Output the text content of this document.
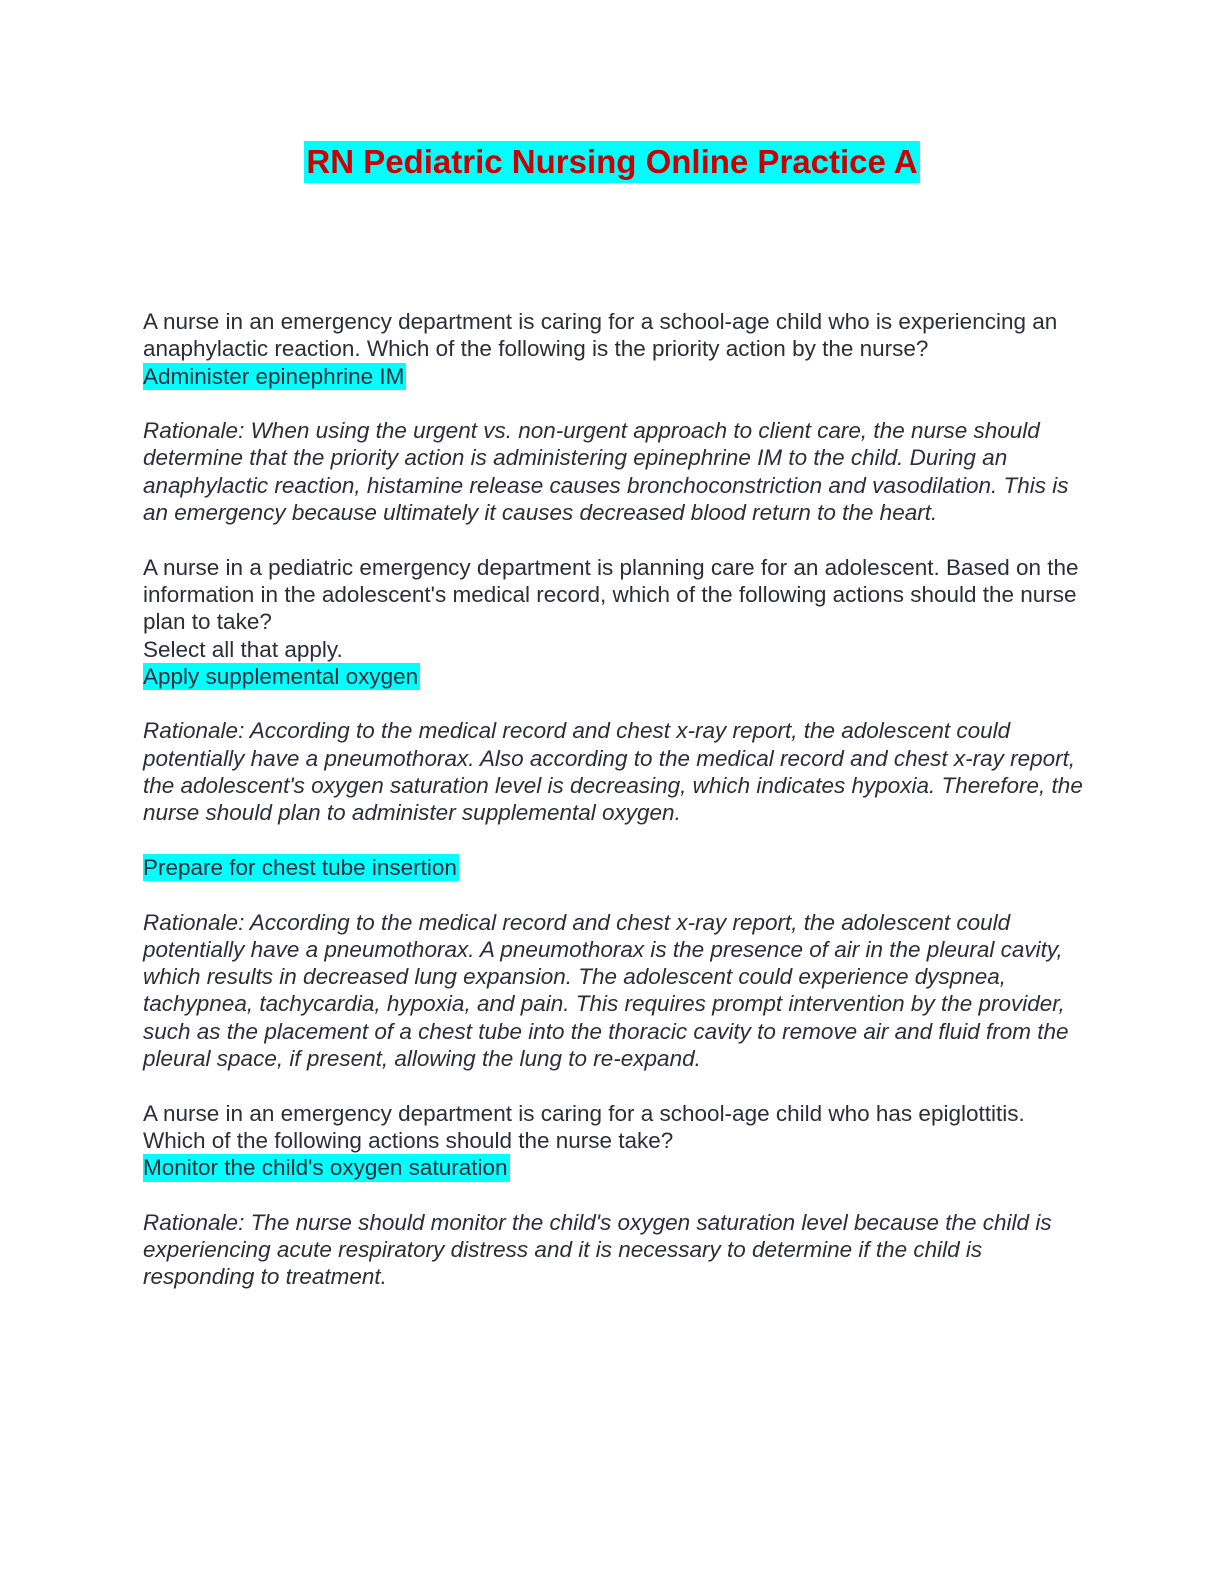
RN Pediatric Nursing Online Practice A

A nurse in an emergency department is caring for a school-age child who is experiencing an anaphylactic reaction. Which of the following is the priority action by the nurse?

Administer epinephrine IM

Rationale: When using the urgent vs. non-urgent approach to client care, the nurse should determine that the priority action is administering epinephrine IM to the child. During an anaphylactic reaction, histamine release causes bronchoconstriction and vasodilation. This is an emergency because ultimately it causes decreased blood return to the heart.

A nurse in a pediatric emergency department is planning care for an adolescent. Based on the information in the adolescent's medical record, which of the following actions should the nurse plan to take?

Select all that apply.

Apply supplemental oxygen

Rationale: According to the medical record and chest x-ray report, the adolescent could potentially have a pneumothorax. Also according to the medical record and chest x-ray report, the adolescent's oxygen saturation level is decreasing, which indicates hypoxia. Therefore, the nurse should plan to administer supplemental oxygen.

Prepare for chest tube insertion

Rationale: According to the medical record and chest x-ray report, the adolescent could potentially have a pneumothorax. A pneumothorax is the presence of air in the pleural cavity, which results in decreased lung expansion. The adolescent could experience dyspnea, tachypnea, tachycardia, hypoxia, and pain. This requires prompt intervention by the provider, such as the placement of a chest tube into the thoracic cavity to remove air and fluid from the pleural space, if present, allowing the lung to re-expand.

A nurse in an emergency department is caring for a school-age child who has epiglottitis. Which of the following actions should the nurse take?

Monitor the child's oxygen saturation

Rationale: The nurse should monitor the child's oxygen saturation level because the child is experiencing acute respiratory distress and it is necessary to determine if the child is responding to treatment.
